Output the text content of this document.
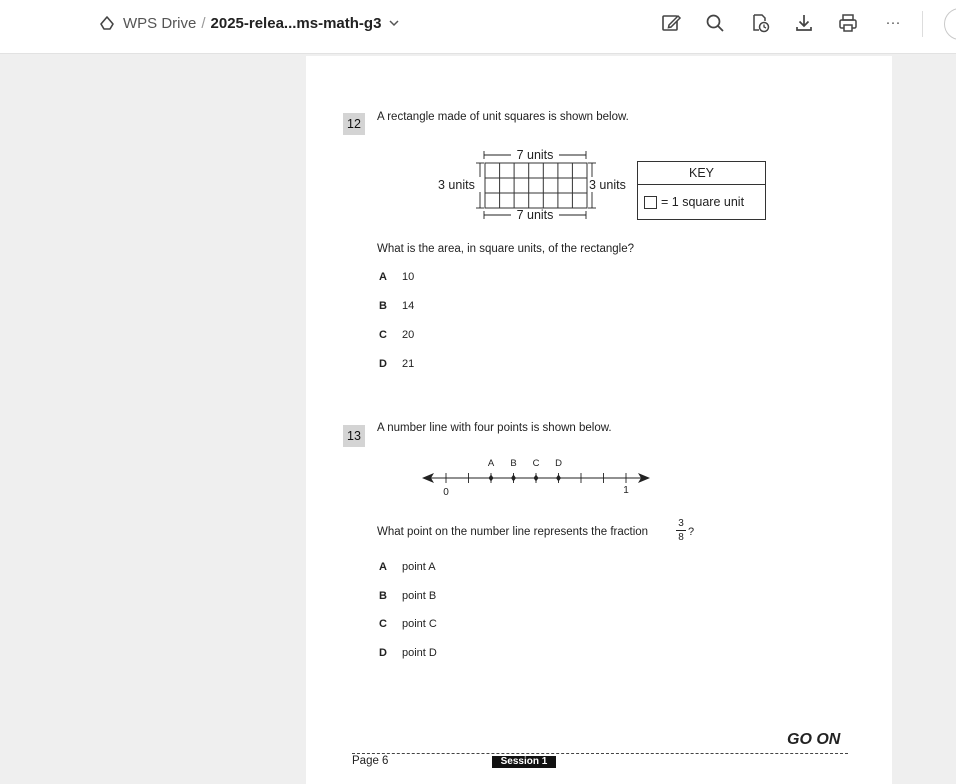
WPS Drive / 2025-relea...ms-math-g3	···
12	A rectangle made of unit squares is shown below.
7 units
3 units	3 units
7 units
KEY
= 1 square unit
What is the area, in square units, of the rectangle?
A 10
B 14
C 20
D 21
13
A number line with four points is shown below.
A B C D
0	1
What point on the number line represents the fraction
3
8 ?
A point A
B point B
C point C
D point D
GO ON
Page 6	Session 1
